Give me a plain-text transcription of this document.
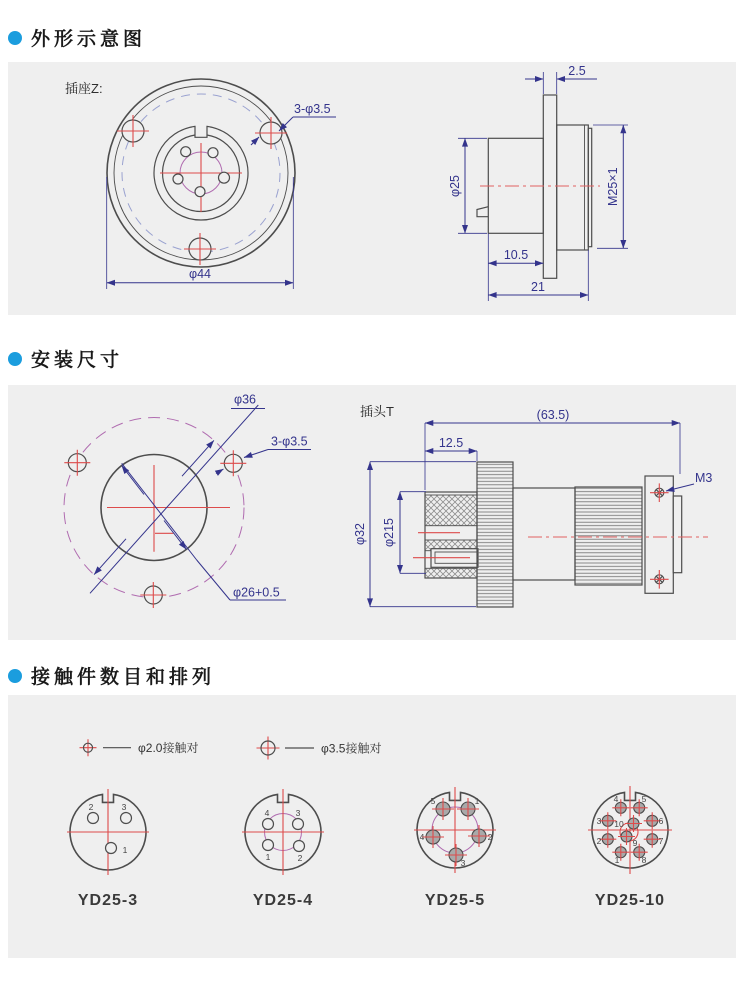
外形示意图
插座Z:
3-φ3.5
φ44
2.5
φ25	M25×1
10.5
21
安装尺寸
φ36
3-φ3.5
φ26+0.5
插头T	(63.5)
12.5
φ32 φ215
M3
接触件数目和排列
φ2.0接触对	φ3.5接触对
2	3
1
YD25-3
4	3
1	2
YD25-4
5	1
4	2
3
YD25-5
4	5
3	6
2	7
1	8
10
9
YD25-10
